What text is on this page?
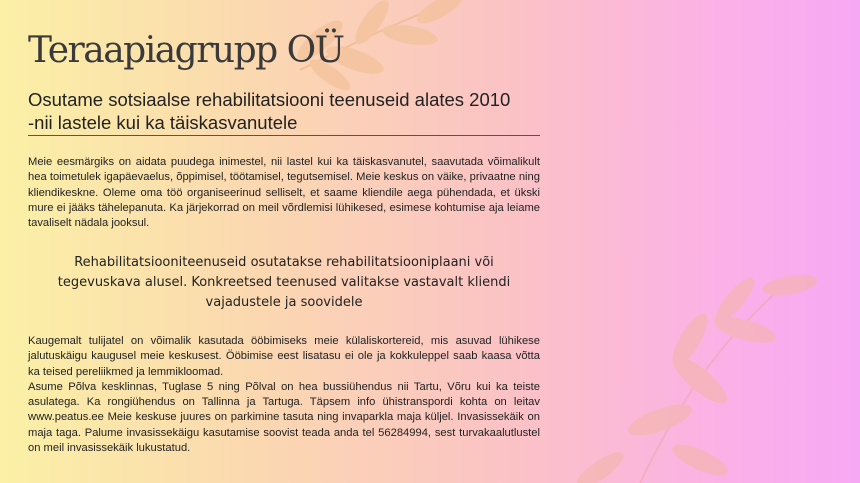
Teraapiagrupp OÜ
Osutame sotsiaalse rehabilitatsiooni teenuseid alates 2010
-nii lastele kui ka täiskasvanutele

Meie eesmärgiks on aidata puudega inimestel, nii lastel kui ka täiskasvanutel, saavutada võimalikult hea toimetulek igapäevaelus, õppimisel, töötamisel, tegutsemisel. Meie keskus on väike, privaatne ning kliendikeskne. Oleme oma töö organiseerinud selliselt, et saame kliendile aega pühendada, et ükski mure ei jääks tähelepanuta. Ka järjekorrad on meil võrdlemisi lühikesed, esimese kohtumise aja leiame tavaliselt nädala jooksul.

Rehabilitatsiooniteenuseid osutatakse rehabilitatsiooniplaani või
tegevuskava alusel. Konkreetsed teenused valitakse vastavalt kliendi
vajadustele ja soovidele
Kaugemalt tulijatel on võimalik kasutada ööbimiseks meie külaliskortereid, mis asuvad lühikese jalutuskäigu kaugusel meie keskusest. Ööbimise eest lisatasu ei ole ja kokkuleppel saab kaasa võtta ka teised pereliikmed ja lemmikloomad.
Asume Põlva kesklinnas, Tuglase 5 ning Põlval on hea bussiühendus nii Tartu, Võru kui ka teiste asulatega. Ka rongiühendus on Tallinna ja Tartuga. Täpsem info ühistranspordi kohta on leitav www.peatus.ee Meie keskuse juures on parkimine tasuta ning invaparkla maja küljel. Invasissekäik on maja taga. Palume invasissekäigu kasutamise soovist teada anda tel 56284994, sest turvakaalutlustel on meil invasissekäik lukustatud.
